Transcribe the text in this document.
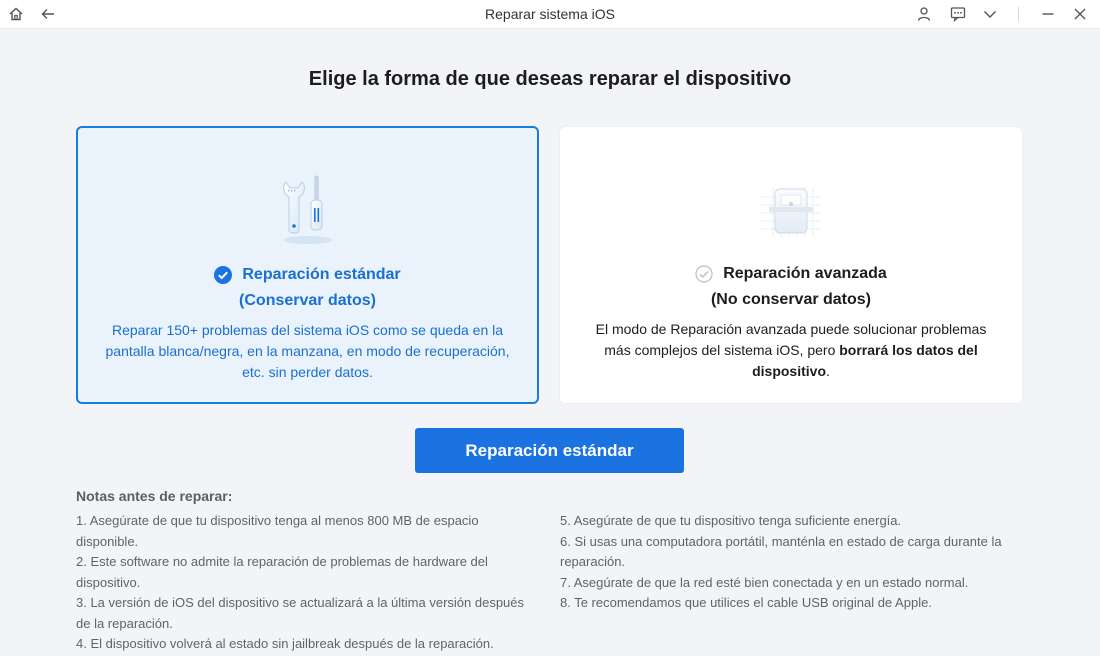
Reparar sistema iOS
Elige la forma de que deseas reparar el dispositivo
Reparación estándar
(Conservar datos)
Reparar 150+ problemas del sistema iOS como se queda en la pantalla blanca/negra, en la manzana, en modo de recuperación, etc. sin perder datos.
Reparación avanzada
(No conservar datos)
El modo de Reparación avanzada puede solucionar problemas más complejos del sistema iOS, pero borrará los datos del dispositivo.
Reparación estándar
Notas antes de reparar:

1. Asegúrate de que tu dispositivo tenga al menos 800 MB de espacio disponible.

2. Este software no admite la reparación de problemas de hardware del dispositivo.

3. La versión de iOS del dispositivo se actualizará a la última versión después de la reparación.

4. El dispositivo volverá al estado sin jailbreak después de la reparación.

5. Asegúrate de que tu dispositivo tenga suficiente energía.

6. Si usas una computadora portátil, manténla en estado de carga durante la reparación.

7. Asegúrate de que la red esté bien conectada y en un estado normal.

8. Te recomendamos que utilices el cable USB original de Apple.
